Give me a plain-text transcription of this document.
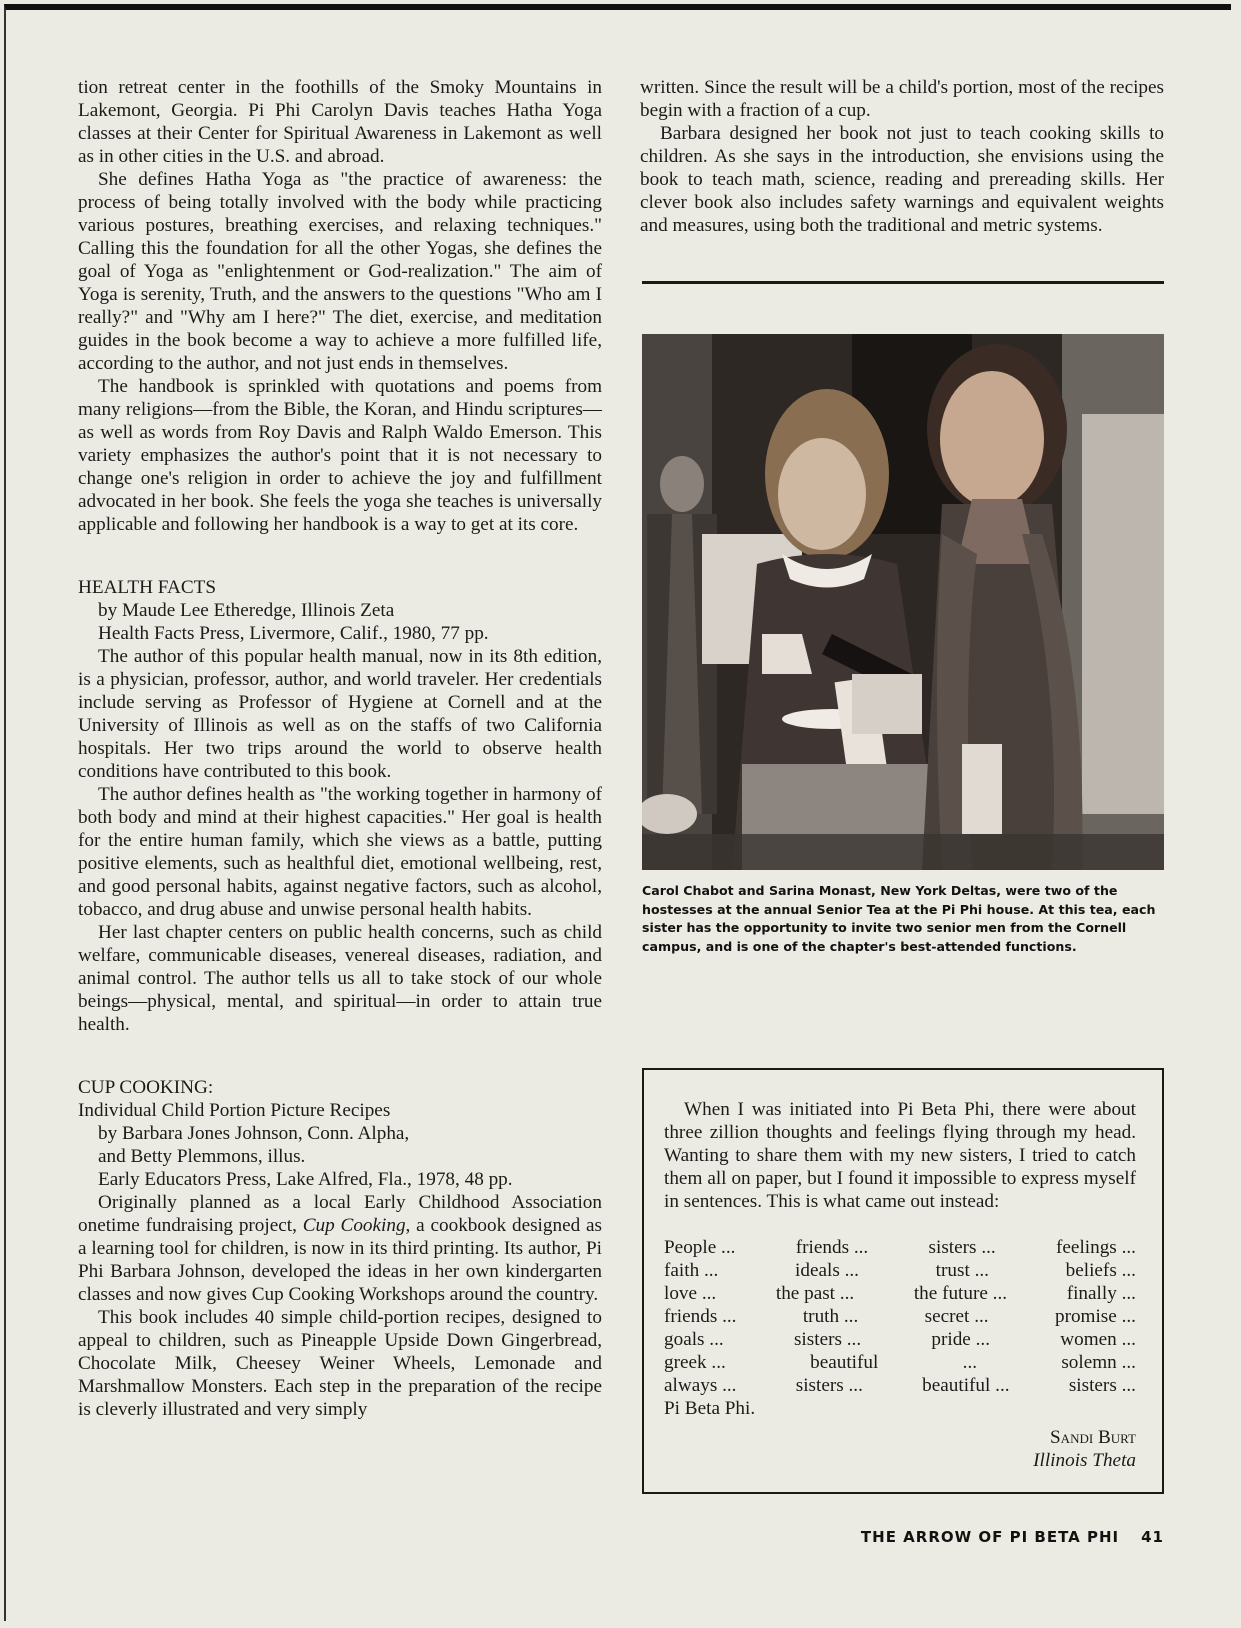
tion retreat center in the foothills of the Smoky Mountains in Lakemont, Georgia. Pi Phi Carolyn Davis teaches Hatha Yoga classes at their Center for Spiritual Awareness in Lakemont as well as in other cities in the U.S. and abroad.

She defines Hatha Yoga as "the practice of awareness: the process of being totally involved with the body while practicing various postures, breathing exercises, and relaxing techniques." Calling this the foundation for all the other Yogas, she defines the goal of Yoga as "enlightenment or God-realization." The aim of Yoga is serenity, Truth, and the answers to the questions "Who am I really?" and "Why am I here?" The diet, exercise, and meditation guides in the book become a way to achieve a more fulfilled life, according to the author, and not just ends in themselves.

The handbook is sprinkled with quotations and poems from many religions—from the Bible, the Koran, and Hindu scriptures—as well as words from Roy Davis and Ralph Waldo Emerson. This variety emphasizes the author's point that it is not necessary to change one's religion in order to achieve the joy and fulfillment advocated in her book. She feels the yoga she teaches is universally applicable and following her handbook is a way to get at its core.

HEALTH FACTS

by Maude Lee Etheredge, Illinois Zeta

Health Facts Press, Livermore, Calif., 1980, 77 pp.

The author of this popular health manual, now in its 8th edition, is a physician, professor, author, and world traveler. Her credentials include serving as Professor of Hygiene at Cornell and at the University of Illinois as well as on the staffs of two California hospitals. Her two trips around the world to observe health conditions have contributed to this book.

The author defines health as "the working together in harmony of both body and mind at their highest capacities." Her goal is health for the entire human family, which she views as a battle, putting positive elements, such as healthful diet, emotional wellbeing, rest, and good personal habits, against negative factors, such as alcohol, tobacco, and drug abuse and unwise personal health habits.

Her last chapter centers on public health concerns, such as child welfare, communicable diseases, venereal diseases, radiation, and animal control. The author tells us all to take stock of our whole beings—physical, mental, and spiritual—in order to attain true health.

CUP COOKING:

Individual Child Portion Picture Recipes

by Barbara Jones Johnson, Conn. Alpha,

and Betty Plemmons, illus.

Early Educators Press, Lake Alfred, Fla., 1978, 48 pp.

Originally planned as a local Early Childhood Association onetime fundraising project, Cup Cooking, a cookbook designed as a learning tool for children, is now in its third printing. Its author, Pi Phi Barbara Johnson, developed the ideas in her own kindergarten classes and now gives Cup Cooking Workshops around the country.

This book includes 40 simple child-portion recipes, designed to appeal to children, such as Pineapple Upside Down Gingerbread, Chocolate Milk, Cheesey Weiner Wheels, Lemonade and Marshmallow Monsters. Each step in the preparation of the recipe is cleverly illustrated and very simply

written. Since the result will be a child's portion, most of the recipes begin with a fraction of a cup.

Barbara designed her book not just to teach cooking skills to children. As she says in the introduction, she envisions using the book to teach math, science, reading and prereading skills. Her clever book also includes safety warnings and equivalent weights and measures, using both the traditional and metric systems.

Carol Chabot and Sarina Monast, New York Deltas, were two of the hostesses at the annual Senior Tea at the Pi Phi house. At this tea, each sister has the opportunity to invite two senior men from the Cornell campus, and is one of the chapter's best-attended functions.

When I was initiated into Pi Beta Phi, there were about three zillion thoughts and feelings flying through my head. Wanting to share them with my new sisters, I tried to catch them all on paper, but I found it impossible to express myself in sentences. This is what came out instead:

People ...	friends ...	sisters ...	feelings ...
faith ...	ideals ...	trust ...	beliefs ...
love ...	the past ...	the future ...	finally ...
friends ...	truth ...	secret ...	promise ...
goals ...	sisters ...	pride ...	women ...
greek ...	beautiful	...	solemn ...
always ...	sisters ...	beautiful ...	sisters ...

Pi Beta Phi.

Sandi Burt

Illinois Theta

THE ARROW OF PI BETA PHI 41
